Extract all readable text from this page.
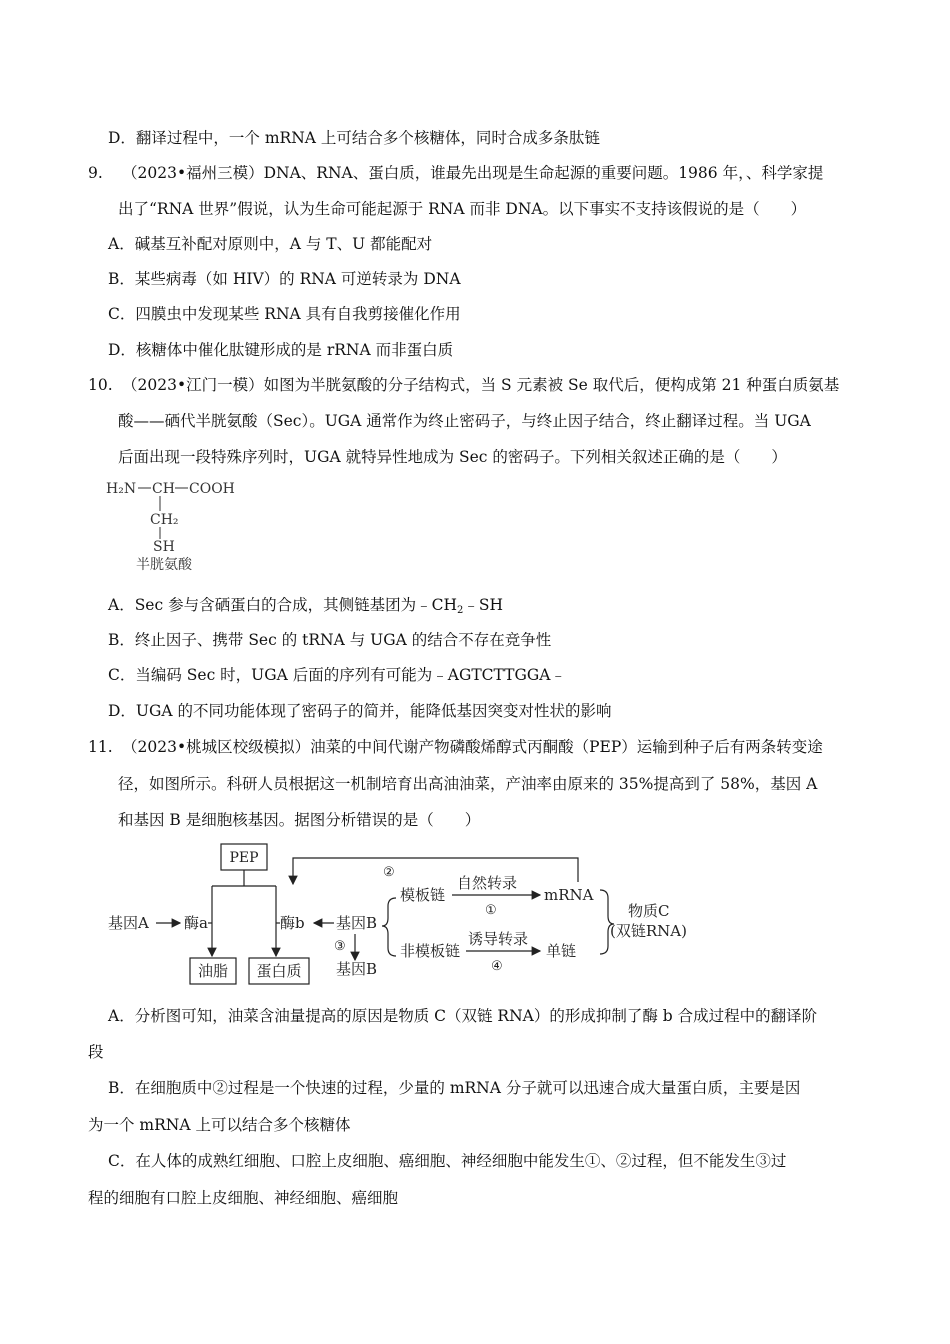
D．翻译过程中，一个 mRNA 上可结合多个核糖体，同时合成多条肽链
9. （2023•福州三模）DNA、RNA、蛋白质，谁最先出现是生命起源的重要问题。1986 年，、科学家提
出了“RNA 世界”假说，认为生命可能起源于 RNA 而非 DNA。以下事实不支持该假说的是（　　）
A．碱基互补配对原则中，A 与 T、U 都能配对
B．某些病毒（如 HIV）的 RNA 可逆转录为 DNA
C．四膜虫中发现某些 RNA 具有自我剪接催化作用
D．核糖体中催化肽键形成的是 rRNA 而非蛋白质
10. （2023•江门一模）如图为半胱氨酸的分子结构式，当 S 元素被 Se 取代后，便构成第 21 种蛋白质氨基
酸——硒代半胱氨酸（Sec）。UGA 通常作为终止密码子，与终止因子结合，终止翻译过程。当 UGA
后面出现一段特殊序列时，UGA 就特异性地成为 Sec 的密码子。下列相关叙述正确的是（　　）
H₂N CH COOH
CH₂
SH
半胱氨酸
A．Sec 参与含硒蛋白的合成，其侧链基团为$﹣CH_2﹣SH$
B．终止因子、携带 Sec 的 tRNA 与 UGA 的结合不存在竞争性
C．当编码 Sec 时，UGA 后面的序列有可能为﹣AGTCTTGGA﹣
D．UGA 的不同功能体现了密码子的简并，能降低基因突变对性状的影响
11. （2023•桃城区校级模拟）油菜的中间代谢产物磷酸烯醇式丙酮酸（PEP）运输到种子后有两条转变途
径，如图所示。科研人员根据这一机制培育出高油油菜，产油率由原来的 35%提高到了 58%，基因 A
和基因 B 是细胞核基因。据图分析错误的是（　　）
PEP
基因A 酶a
油脂 蛋白质
酶b 基因B
③
基因B
模板链
自然转录
①
mRNA
②
非模板链
诱导转录
④
单链
物质C
(双链RNA)
A．分析图可知，油菜含油量提高的原因是物质 C（双链 RNA）的形成抑制了酶 b 合成过程中的翻译阶
段
B．在细胞质中②过程是一个快速的过程，少量的 mRNA 分子就可以迅速合成大量蛋白质，主要是因
为一个 mRNA 上可以结合多个核糖体
C．在人体的成熟红细胞、口腔上皮细胞、癌细胞、神经细胞中能发生①、②过程，但不能发生③过
程的细胞有口腔上皮细胞、神经细胞、癌细胞
